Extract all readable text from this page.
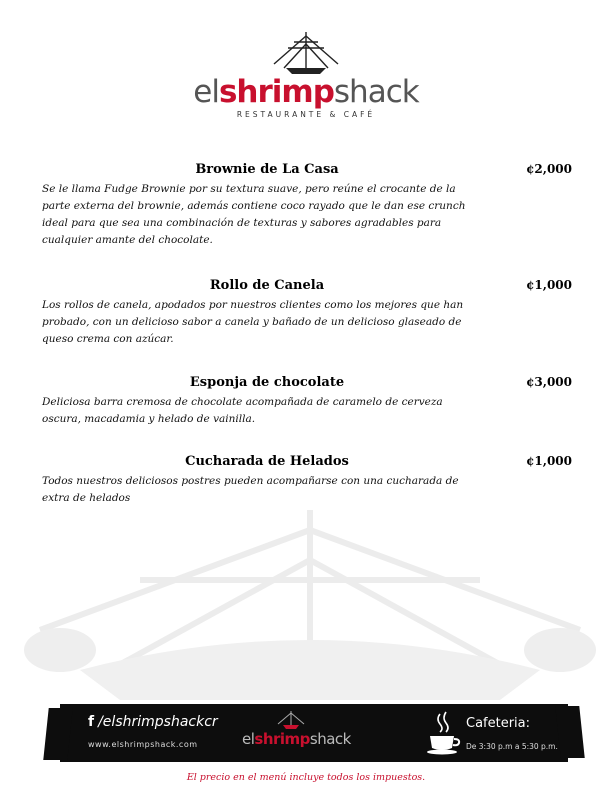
elshrimpshack
RESTAURANTE & CAFÉ
Brownie de La Casa	¢2,000
Se le llama Fudge Brownie por su textura suave, pero reúne el crocante de la parte externa del brownie, además contiene coco rayado que le dan ese crunch ideal para que sea una combinación de texturas y sabores agradables para cualquier amante del chocolate.
Rollo de Canela	¢1,000
Los rollos de canela, apodados por nuestros clientes como los mejores que han probado, con un delicioso sabor a canela y bañado de un delicioso glaseado de queso crema con azúcar.
Esponja de chocolate	¢3,000
Deliciosa barra cremosa de chocolate acompañada de caramelo de cerveza oscura, macadamia y helado de vainilla.
Cucharada de Helados	¢1,000
Todos nuestros deliciosos postres pueden acompañarse con una cucharada de extra de helados
f /elshrimpshackcr
www.elshrimpshack.com	elshrimpshack
Cafeteria:
De 3:30 p.m a 5:30 p.m.
El precio en el menú incluye todos los impuestos.
